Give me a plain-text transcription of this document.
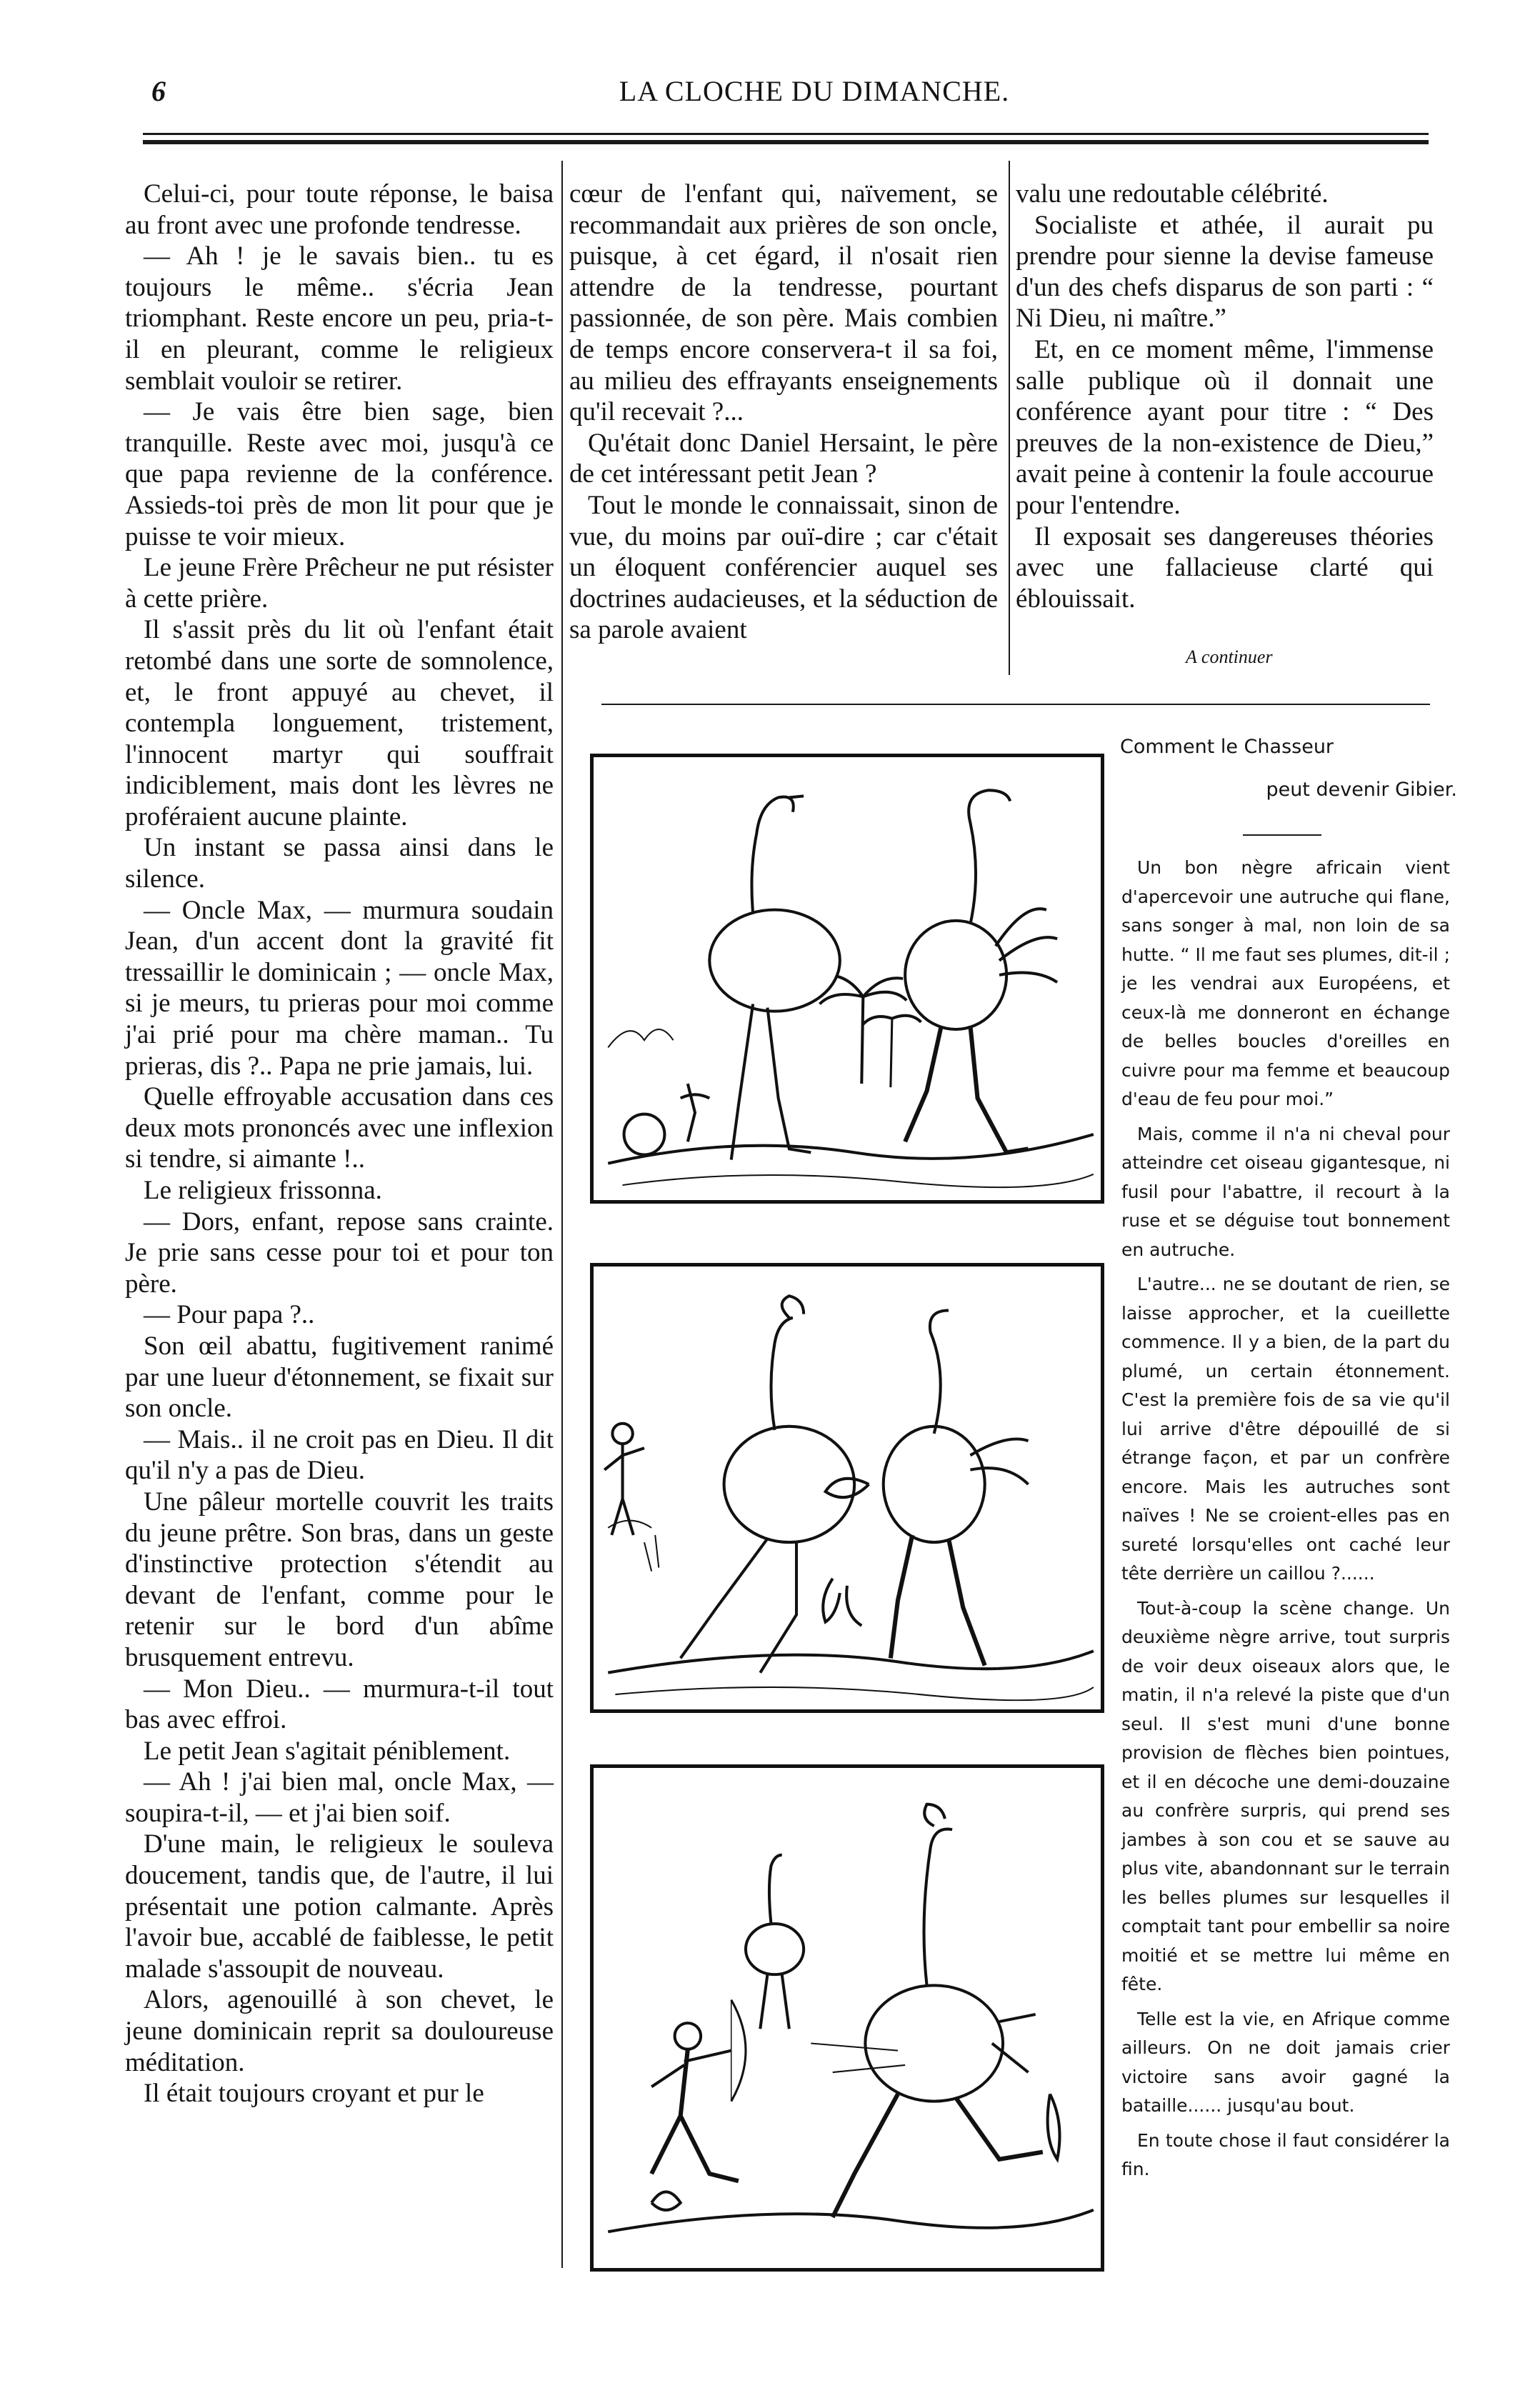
6	LA CLOCHE DU DIMANCHE.

Celui-ci, pour toute réponse, le baisa au front avec une profonde tendresse.

— Ah ! je le savais bien.. tu es toujours le même.. s'écria Jean triomphant. Reste encore un peu, pria-t-il en pleurant, comme le religieux semblait vouloir se retirer.

— Je vais être bien sage, bien tranquille. Reste avec moi, jusqu'à ce que papa revienne de la conférence. Assieds-toi près de mon lit pour que je puisse te voir mieux.

Le jeune Frère Prêcheur ne put résister à cette prière.

Il s'assit près du lit où l'enfant était retombé dans une sorte de somnolence, et, le front appuyé au chevet, il contempla longuement, tristement, l'innocent martyr qui souffrait indiciblement, mais dont les lèvres ne proféraient aucune plainte.

Un instant se passa ainsi dans le silence.

— Oncle Max, — murmura soudain Jean, d'un accent dont la gravité fit tressaillir le dominicain ; — oncle Max, si je meurs, tu prieras pour moi comme j'ai prié pour ma chère maman.. Tu prieras, dis ?.. Papa ne prie jamais, lui.

Quelle effroyable accusation dans ces deux mots prononcés avec une inflexion si tendre, si aimante !..

Le religieux frissonna.

— Dors, enfant, repose sans crainte. Je prie sans cesse pour toi et pour ton père.

— Pour papa ?..

Son œil abattu, fugitivement ranimé par une lueur d'étonnement, se fixait sur son oncle.

— Mais.. il ne croit pas en Dieu. Il dit qu'il n'y a pas de Dieu.

Une pâleur mortelle couvrit les traits du jeune prêtre. Son bras, dans un geste d'instinctive protection s'étendit au devant de l'enfant, comme pour le retenir sur le bord d'un abîme brusquement entrevu.

— Mon Dieu.. — murmura-t-il tout bas avec effroi.

Le petit Jean s'agitait péniblement.

— Ah ! j'ai bien mal, oncle Max, — soupira-t-il, — et j'ai bien soif.

D'une main, le religieux le souleva doucement, tandis que, de l'autre, il lui présentait une potion calmante. Après l'avoir bue, accablé de faiblesse, le petit malade s'assoupit de nouveau.

Alors, agenouillé à son chevet, le jeune dominicain reprit sa douloureuse méditation.

Il était toujours croyant et pur le

cœur de l'enfant qui, naïvement, se recommandait aux prières de son oncle, puisque, à cet égard, il n'osait rien attendre de la tendresse, pourtant passionnée, de son père. Mais combien de temps encore conservera-t il sa foi, au milieu des effrayants enseignements qu'il recevait ?...

Qu'était donc Daniel Hersaint, le père de cet intéressant petit Jean ?

Tout le monde le connaissait, sinon de vue, du moins par ouï-dire ; car c'était un éloquent conférencier auquel ses doctrines audacieuses, et la séduction de sa parole avaient

valu une redoutable célébrité.

Socialiste et athée, il aurait pu prendre pour sienne la devise fameuse d'un des chefs disparus de son parti : “ Ni Dieu, ni maître.”

Et, en ce moment même, l'immense salle publique où il donnait une conférence ayant pour titre : “ Des preuves de la non-existence de Dieu,” avait peine à contenir la foule accourue pour l'entendre.

Il exposait ses dangereuses théories avec une fallacieuse clarté qui éblouissait.

A continuer
Comment le Chasseur
peut devenir Gibier.

Un bon nègre africain vient d'apercevoir une autruche qui flane, sans songer à mal, non loin de sa hutte. “ Il me faut ses plumes, dit-il ; je les vendrai aux Européens, et ceux-là me donneront en échange de belles boucles d'oreilles en cuivre pour ma femme et beaucoup d'eau de feu pour moi.”

Mais, comme il n'a ni cheval pour atteindre cet oiseau gigantesque, ni fusil pour l'abattre, il recourt à la ruse et se déguise tout bonnement en autruche.

L'autre... ne se doutant de rien, se laisse approcher, et la cueillette commence. Il y a bien, de la part du plumé, un certain étonnement. C'est la première fois de sa vie qu'il lui arrive d'être dépouillé de si étrange façon, et par un confrère encore. Mais les autruches sont naïves ! Ne se croient-elles pas en sureté lorsqu'elles ont caché leur tête derrière un caillou ?......

Tout-à-coup la scène change. Un deuxième nègre arrive, tout surpris de voir deux oiseaux alors que, le matin, il n'a relevé la piste que d'un seul. Il s'est muni d'une bonne provision de flèches bien pointues, et il en décoche une demi-douzaine au confrère surpris, qui prend ses jambes à son cou et se sauve au plus vite, abandonnant sur le terrain les belles plumes sur lesquelles il comptait tant pour embellir sa noire moitié et se mettre lui même en fête.

Telle est la vie, en Afrique comme ailleurs. On ne doit jamais crier victoire sans avoir gagné la bataille...... jusqu'au bout.

En toute chose il faut considérer la fin.
